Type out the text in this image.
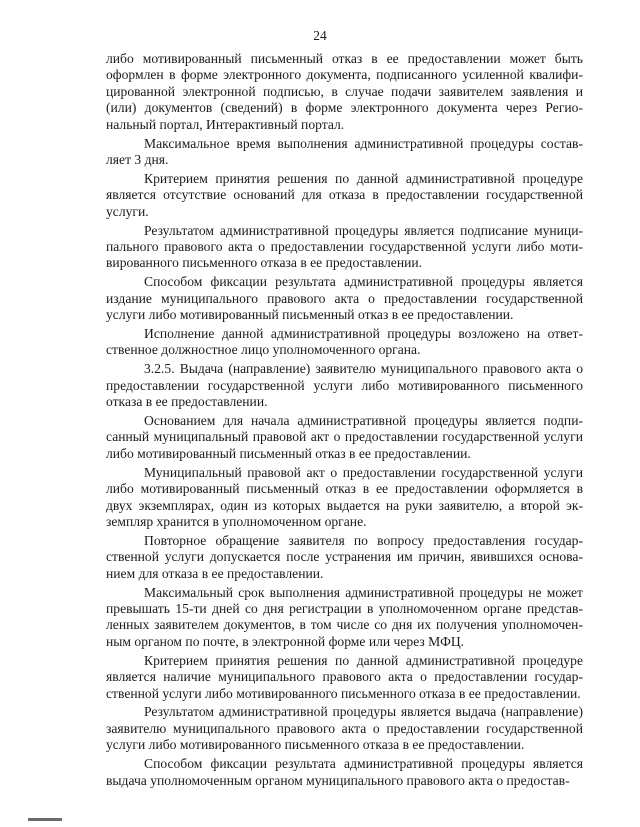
24

либо мотивированный письменный отказ в ее предоставлении может быть оформлен в форме электронного документа, подписанного усиленной квалифицированной электронной подписью, в случае подачи заявителем заявления и (или) документов (сведений) в форме электронного документа через Региональный портал, Интерактивный портал.

Максимальное время выполнения административной процедуры составляет 3 дня.

Критерием принятия решения по данной административной процедуре является отсутствие оснований для отказа в предоставлении государственной услуги.

Результатом административной процедуры является подписание муниципального правового акта о предоставлении государственной услуги либо мотивированного письменного отказа в ее предоставлении.

Способом фиксации результата административной процедуры является издание муниципального правового акта о предоставлении государственной услуги либо мотивированный письменный отказ в ее предоставлении.

Исполнение данной административной процедуры возложено на ответственное должностное лицо уполномоченного органа.

3.2.5. Выдача (направление) заявителю муниципального правового акта о предоставлении государственной услуги либо мотивированного письменного отказа в ее предоставлении.

Основанием для начала административной процедуры является подписанный муниципальный правовой акт о предоставлении государственной услуги либо мотивированный письменный отказ в ее предоставлении.

Муниципальный правовой акт о предоставлении государственной услуги либо мотивированный письменный отказ в ее предоставлении оформляется в двух экземплярах, один из которых выдается на руки заявителю, а второй экземпляр хранится в уполномоченном органе.

Повторное обращение заявителя по вопросу предоставления государственной услуги допускается после устранения им причин, явившихся основанием для отказа в ее предоставлении.

Максимальный срок выполнения административной процедуры не может превышать 15-ти дней со дня регистрации в уполномоченном органе представленных заявителем документов, в том числе со дня их получения уполномоченным органом по почте, в электронной форме или через МФЦ.

Критерием принятия решения по данной административной процедуре является наличие муниципального правового акта о предоставлении государственной услуги либо мотивированного письменного отказа в ее предоставлении.

Результатом административной процедуры является выдача (направление) заявителю муниципального правового акта о предоставлении государственной услуги либо мотивированного письменного отказа в ее предоставлении.

Способом фиксации результата административной процедуры является выдача уполномоченным органом муниципального правового акта о предостав-
